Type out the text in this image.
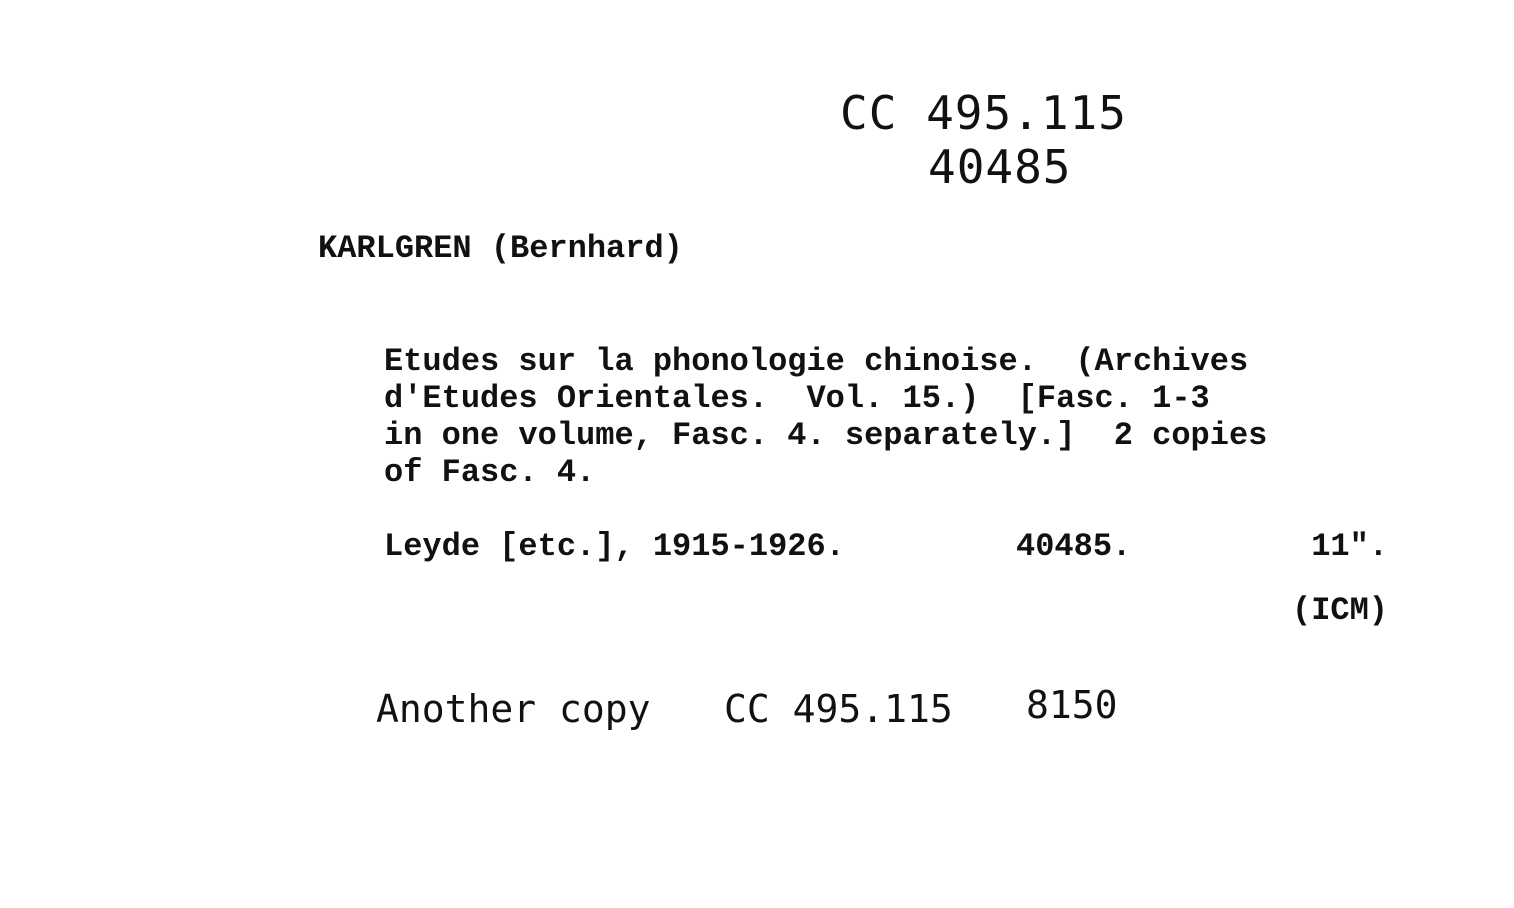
CC 495.115
40485
KARLGREN (Bernhard)
Etudes sur la phonologie chinoise.  (Archives
d'Etudes Orientales.  Vol. 15.)  [Fasc. 1-3
in one volume, Fasc. 4. separately.]  2 copies
of Fasc. 4.
Leyde [etc.], 1915-1926.	40485.	11".
(ICM)
Another copy CC 495.115 8150
